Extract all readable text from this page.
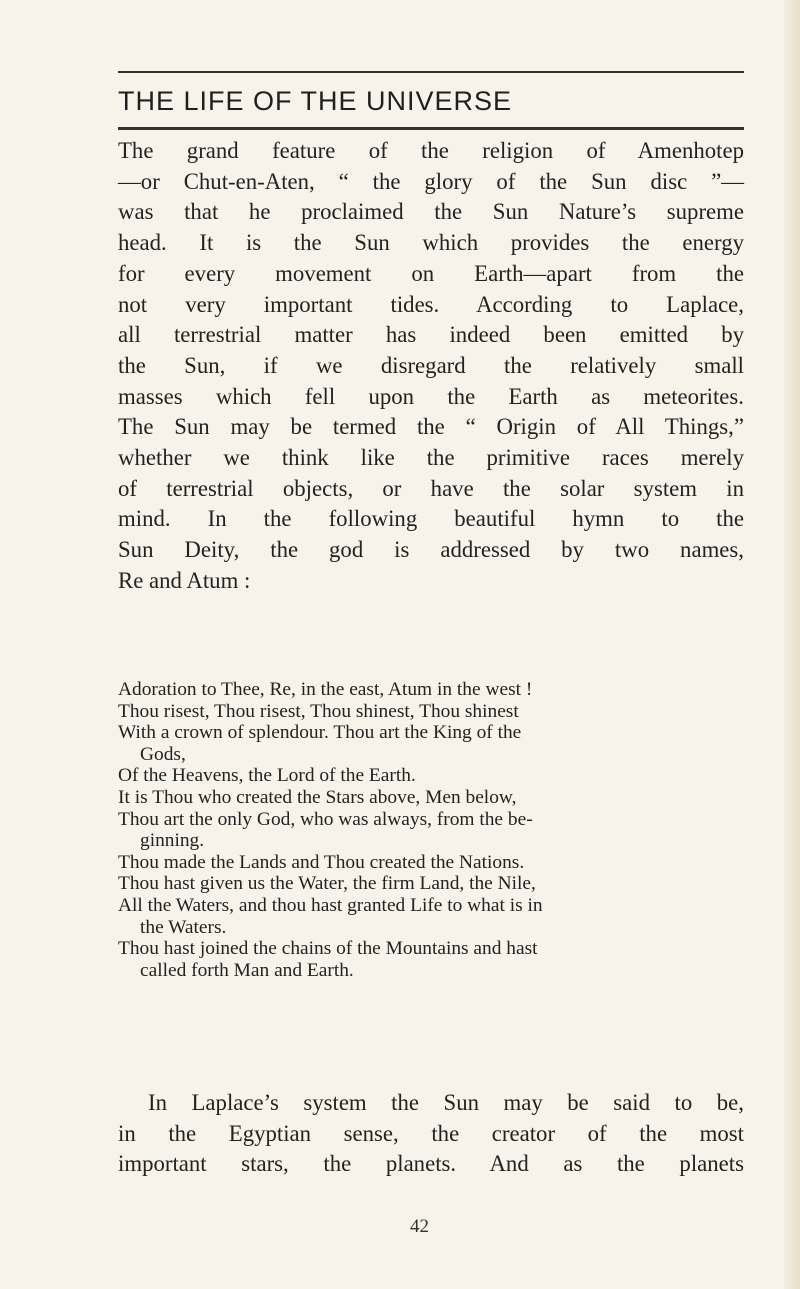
THE LIFE OF THE UNIVERSE
The grand feature of the religion of Amenhotep
—or Chut-en-Aten, “ the glory of the Sun disc ”—
was that he proclaimed the Sun Nature’s supreme
head. It is the Sun which provides the energy
for every movement on Earth—apart from the
not very important tides. According to Laplace,
all terrestrial matter has indeed been emitted by
the Sun, if we disregard the relatively small
masses which fell upon the Earth as meteorites.
The Sun may be termed the “ Origin of All Things,”
whether we think like the primitive races merely
of terrestrial objects, or have the solar system in
mind. In the following beautiful hymn to the
Sun Deity, the god is addressed by two names,
Re and Atum :
Adoration to Thee, Re, in the east, Atum in the west !
Thou risest, Thou risest, Thou shinest, Thou shinest
With a crown of splendour. Thou art the King of the
Gods,
Of the Heavens, the Lord of the Earth.
It is Thou who created the Stars above, Men below,
Thou art the only God, who was always, from the be-
ginning.
Thou made the Lands and Thou created the Nations.
Thou hast given us the Water, the firm Land, the Nile,
All the Waters, and thou hast granted Life to what is in
the Waters.
Thou hast joined the chains of the Mountains and hast
called forth Man and Earth.
In Laplace’s system the Sun may be said to be,
in the Egyptian sense, the creator of the most
important stars, the planets. And as the planets
42
